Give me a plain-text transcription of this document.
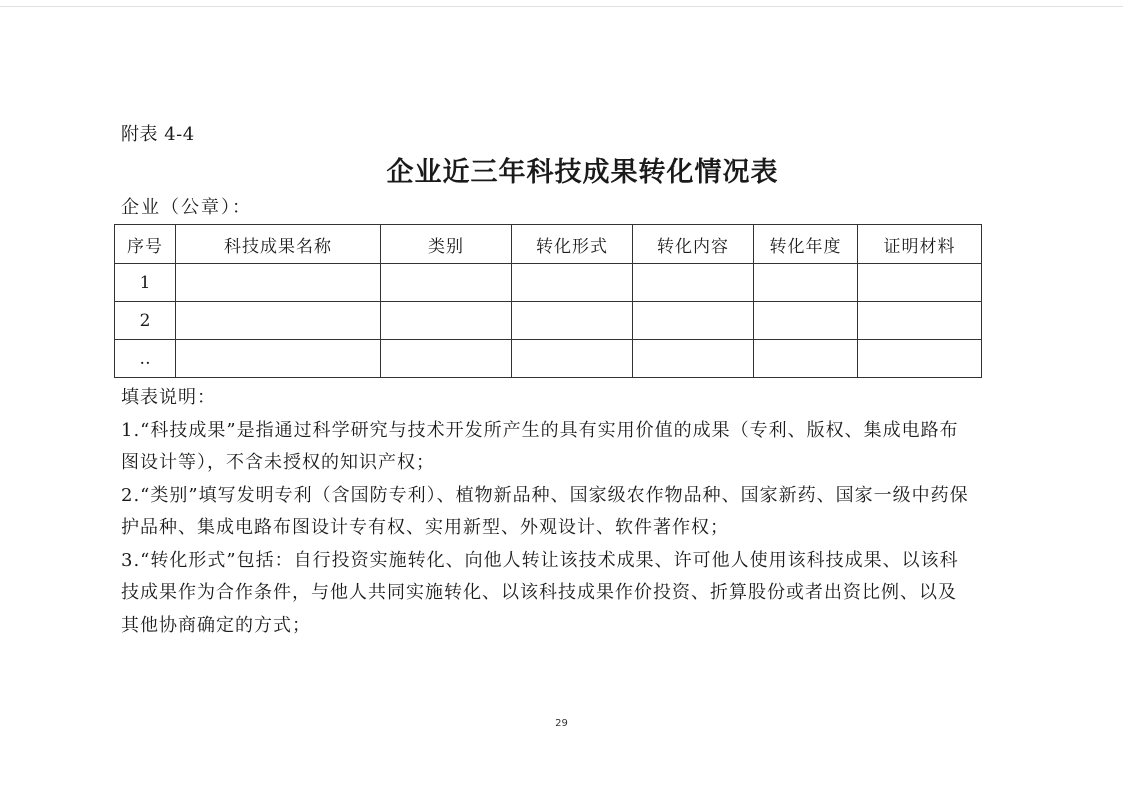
附表 4-4
企业近三年科技成果转化情况表
企业（公章）：
序号	科技成果名称	类别	转化形式	转化内容	转化年度	证明材料
1						
2						
‥						

填表说明：

1.“科技成果”是指通过科学研究与技术开发所产生的具有实用价值的成果（专利、版权、集成电路布图设计等），不含未授权的知识产权；

2.“类别”填写发明专利（含国防专利）、植物新品种、国家级农作物品种、国家新药、国家一级中药保护品种、集成电路布图设计专有权、实用新型、外观设计、软件著作权；

3.“转化形式”包括：自行投资实施转化、向他人转让该技术成果、许可他人使用该科技成果、以该科技成果作为合作条件，与他人共同实施转化、以该科技成果作价投资、折算股份或者出资比例、以及其他协商确定的方式；

29
